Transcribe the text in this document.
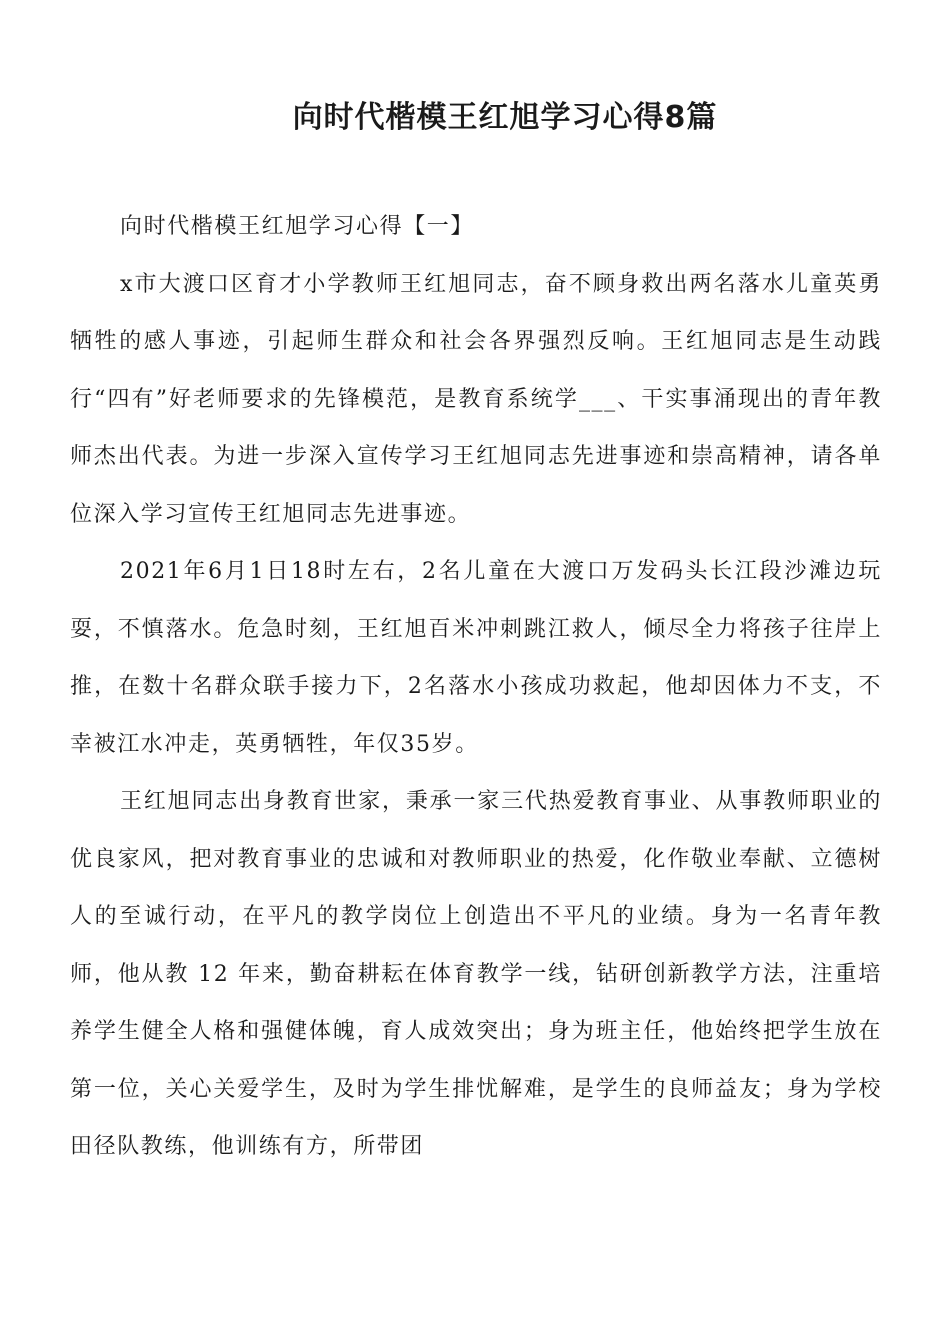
向时代楷模王红旭学习心得8篇
向时代楷模王红旭学习心得【一】

x市大渡口区育才小学教师王红旭同志，奋不顾身救出两名落水儿童英勇牺牲的感人事迹，引起师生群众和社会各界强烈反响。王红旭同志是生动践行“四有”好老师要求的先锋模范，是教育系统学___、干实事涌现出的青年教师杰出代表。为进一步深入宣传学习王红旭同志先进事迹和崇高精神，请各单位深入学习宣传王红旭同志先进事迹。

2021年6月1日18时左右，2名儿童在大渡口万发码头长江段沙滩边玩耍，不慎落水。危急时刻，王红旭百米冲刺跳江救人，倾尽全力将孩子往岸上推，在数十名群众联手接力下，2名落水小孩成功救起，他却因体力不支，不幸被江水冲走，英勇牺牲，年仅35岁。

王红旭同志出身教育世家，秉承一家三代热爱教育事业、从事教师职业的优良家风，把对教育事业的忠诚和对教师职业的热爱，化作敬业奉献、立德树人的至诚行动，在平凡的教学岗位上创造出不平凡的业绩。身为一名青年教师，他从教 12 年来，勤奋耕耘在体育教学一线，钻研创新教学方法，注重培养学生健全人格和强健体魄，育人成效突出；身为班主任，他始终把学生放在第一位，关心关爱学生，及时为学生排忧解难，是学生的良师益友；身为学校田径队教练，他训练有方，所带团
